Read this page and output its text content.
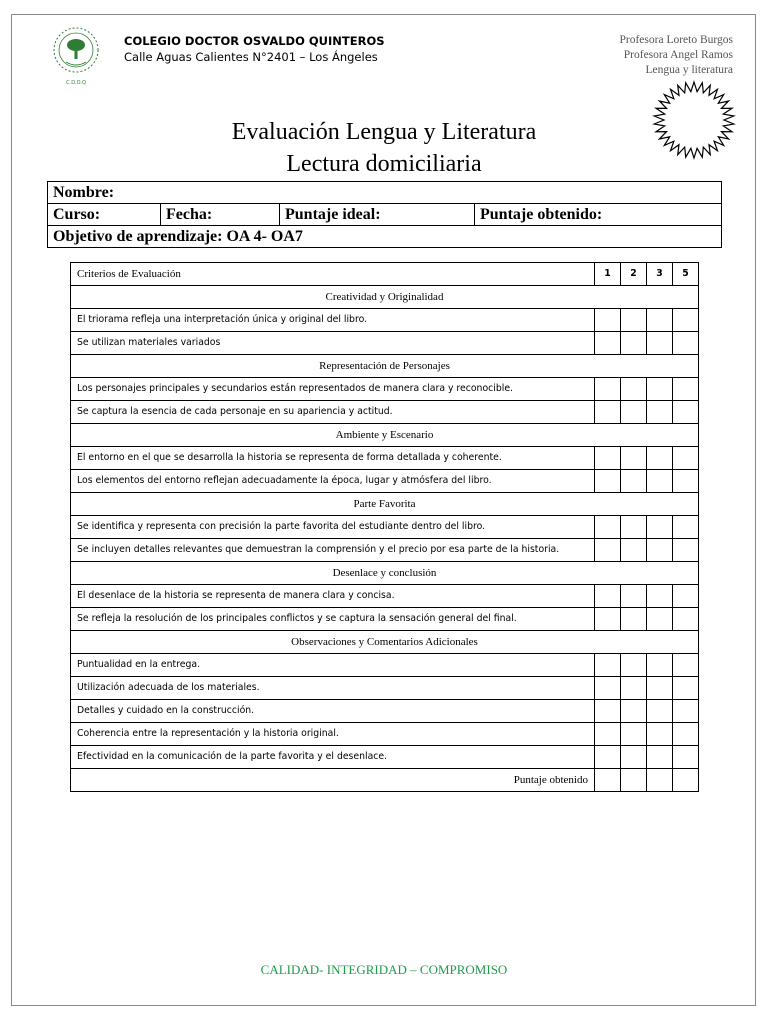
C.D.O.Q
COLEGIO DOCTOR OSVALDO QUINTEROS
Calle Aguas Calientes N°2401 – Los Ángeles
Profesora Loreto Burgos
Profesora Angel Ramos
Lengua y literatura
Evaluación Lengua y Literatura
Lectura domiciliaria
Nombre:
Curso:	Fecha:	Puntaje ideal:	Puntaje obtenido:
Objetivo de aprendizaje: OA 4- OA7
Criterios de Evaluación	1	2	3	5
Creatividad y Originalidad				
El triorama refleja una interpretación única y original del libro.				
Se utilizan materiales variados				
Representación de Personajes				
Los personajes principales y secundarios están representados de manera clara y reconocible.				
Se captura la esencia de cada personaje en su apariencia y actitud.				
Ambiente y Escenario				
El entorno en el que se desarrolla la historia se representa de forma detallada y coherente.				
Los elementos del entorno reflejan adecuadamente la época, lugar y atmósfera del libro.				
Parte Favorita				
Se identifica y representa con precisión la parte favorita del estudiante dentro del libro.				
Se incluyen detalles relevantes que demuestran la comprensión y el precio por esa parte de la historia.				
Desenlace y conclusión				
El desenlace de la historia se representa de manera clara y concisa.				
Se refleja la resolución de los principales conflictos y se captura la sensación general del final.				
Observaciones y Comentarios Adicionales				
Puntualidad en la entrega.				
Utilización adecuada de los materiales.				
Detalles y cuidado en la construcción.				
Coherencia entre la representación y la historia original.				
Efectividad en la comunicación de la parte favorita y el desenlace.				
Puntaje obtenido				
CALIDAD- INTEGRIDAD – COMPROMISO
